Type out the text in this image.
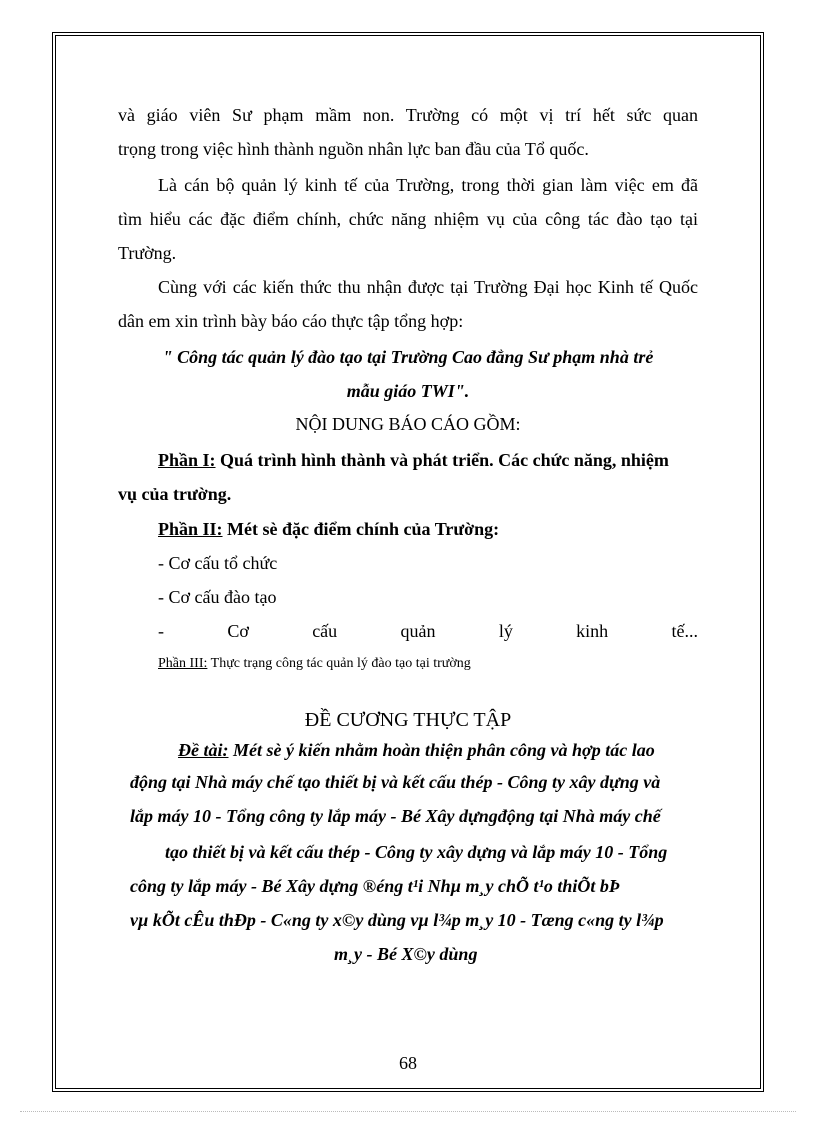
và giáo viên Sư phạm mầm non. Trường có một vị trí hết sức quan

trọng trong việc hình thành nguồn nhân lực ban đầu của Tổ quốc.

Là cán bộ quản lý kinh tế của Trường, trong thời gian làm việc em đã

tìm hiểu các đặc điểm chính, chức năng nhiệm vụ của công tác đào tạo tại

Trường.

Cùng với các kiến thức thu nhận được tại Trường Đại học Kinh tế Quốc

dân em xin trình bày báo cáo thực tập tổng hợp:

" Công tác quản lý đào tạo tại Trường Cao đẳng Sư phạm nhà trẻ

mẫu giáo TWI".

NỘI DUNG BÁO CÁO GỒM:

Phần I: Quá trình hình thành và phát triển. Các chức năng, nhiệm

vụ của trường.

Phần II: Mét sè đặc điểm chính của Trường:

- Cơ cấu tổ chức

- Cơ cấu đào tạo

- Cơ cấu quản lý kinh tế...

Phần III: Thực trạng công tác quản lý đào tạo tại trường

ĐỀ CƯƠNG THỰC TẬP

Đề tài: Mét sè ý kiến nhằm hoàn thiện phân công và hợp tác lao

động tại Nhà máy chế tạo thiết bị và kết cấu thép - Công ty xây dựng và

lắp máy 10 - Tổng công ty lắp máy - Bé Xây dựngđộng tại Nhà máy chế

tạo thiết bị và kết cấu thép - Công ty xây dựng và lắp máy 10 - Tổng

công ty lắp máy - Bé Xây dựng ®éng t¹i Nhµ m¸y chÕ t¹o thiÕt bÞ

vµ kÕt cÊu thÐp - C«ng ty x©y dùng vµ l¾p m¸y 10 - Tæng c«ng ty l¾p

m¸y - Bé X©y dùng

68
